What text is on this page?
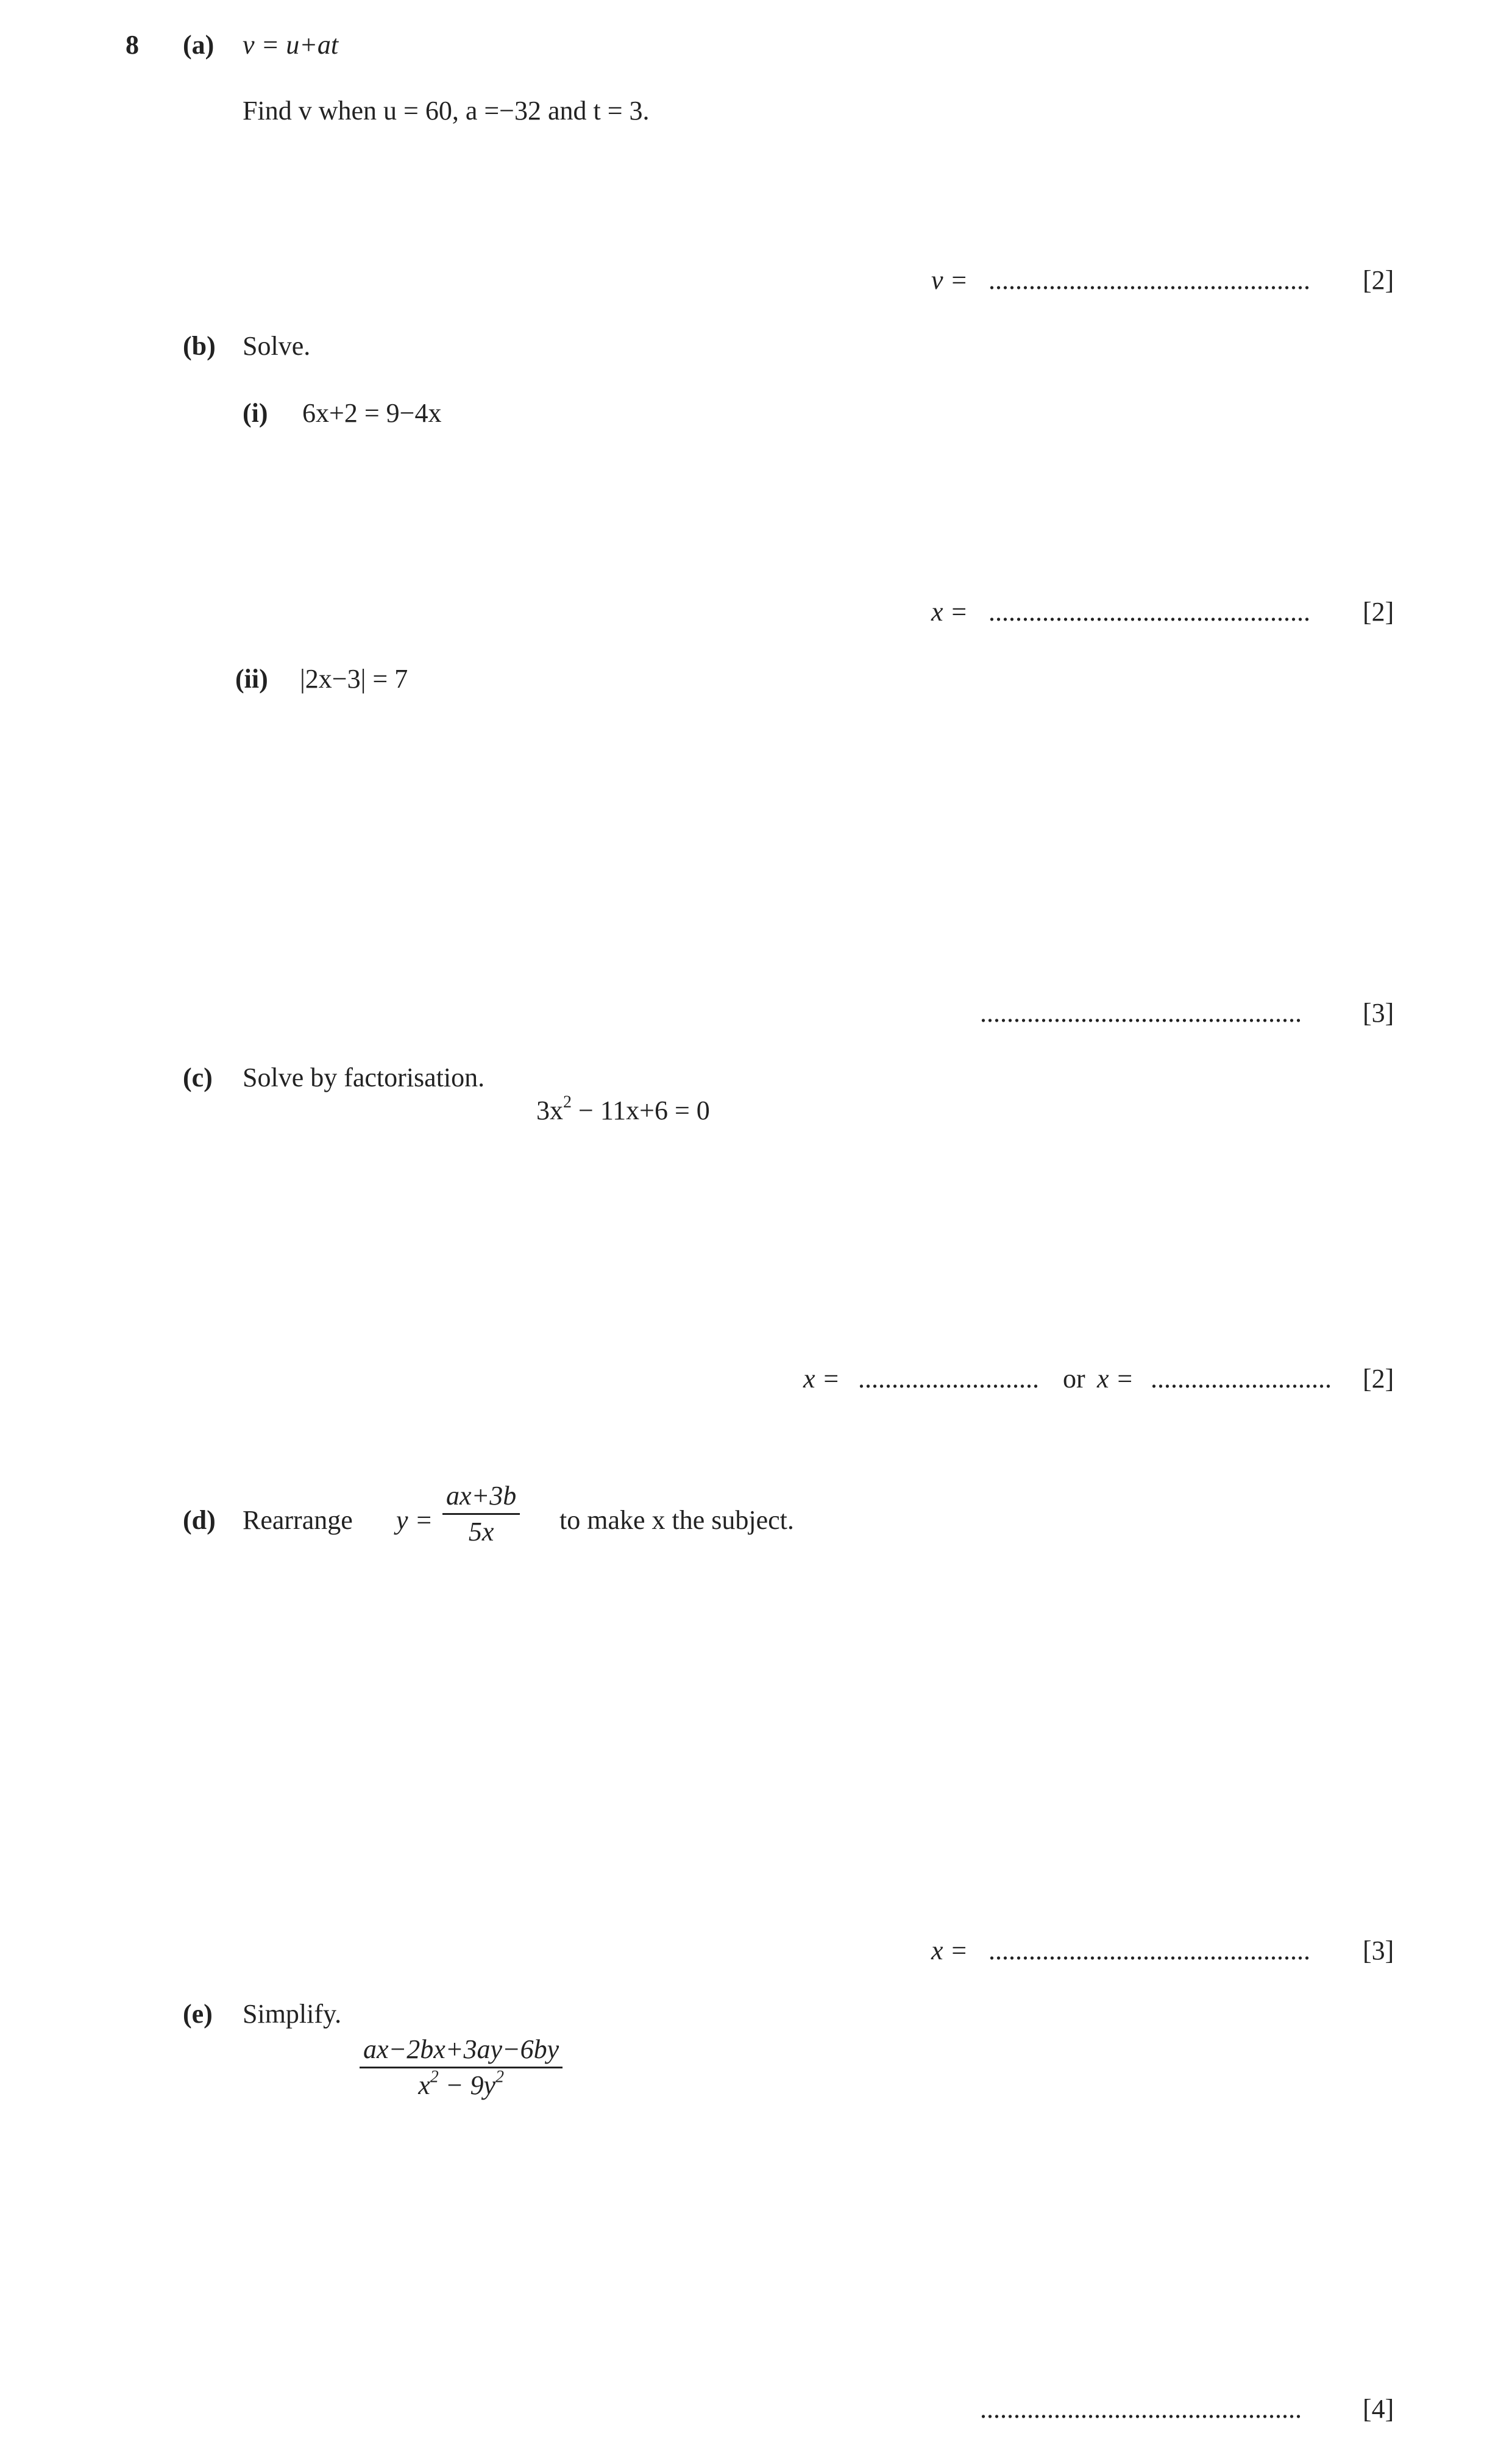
8 (a) v = u+at
Find v when u = 60, a =−32 and t = 3.
v = ................................................ [2]
(b) Solve.
(i) 6x+2 = 9−4x
x = ................................................ [2]
(ii) |2x−3| = 7
................................................ [3]
(c) Solve by factorisation.
$3x^2 - 11x+6 = 0$
x = ........................... or x = ........................... [2]
(d) Rearrange $y = \frac{ax+3b}{5x}$ to make x the subject.
x = ................................................ [3]
(e) Simplify.
$\frac{ax-2bx+3ay-6by}{x^2 - 9y^2}$
................................................ [4]
